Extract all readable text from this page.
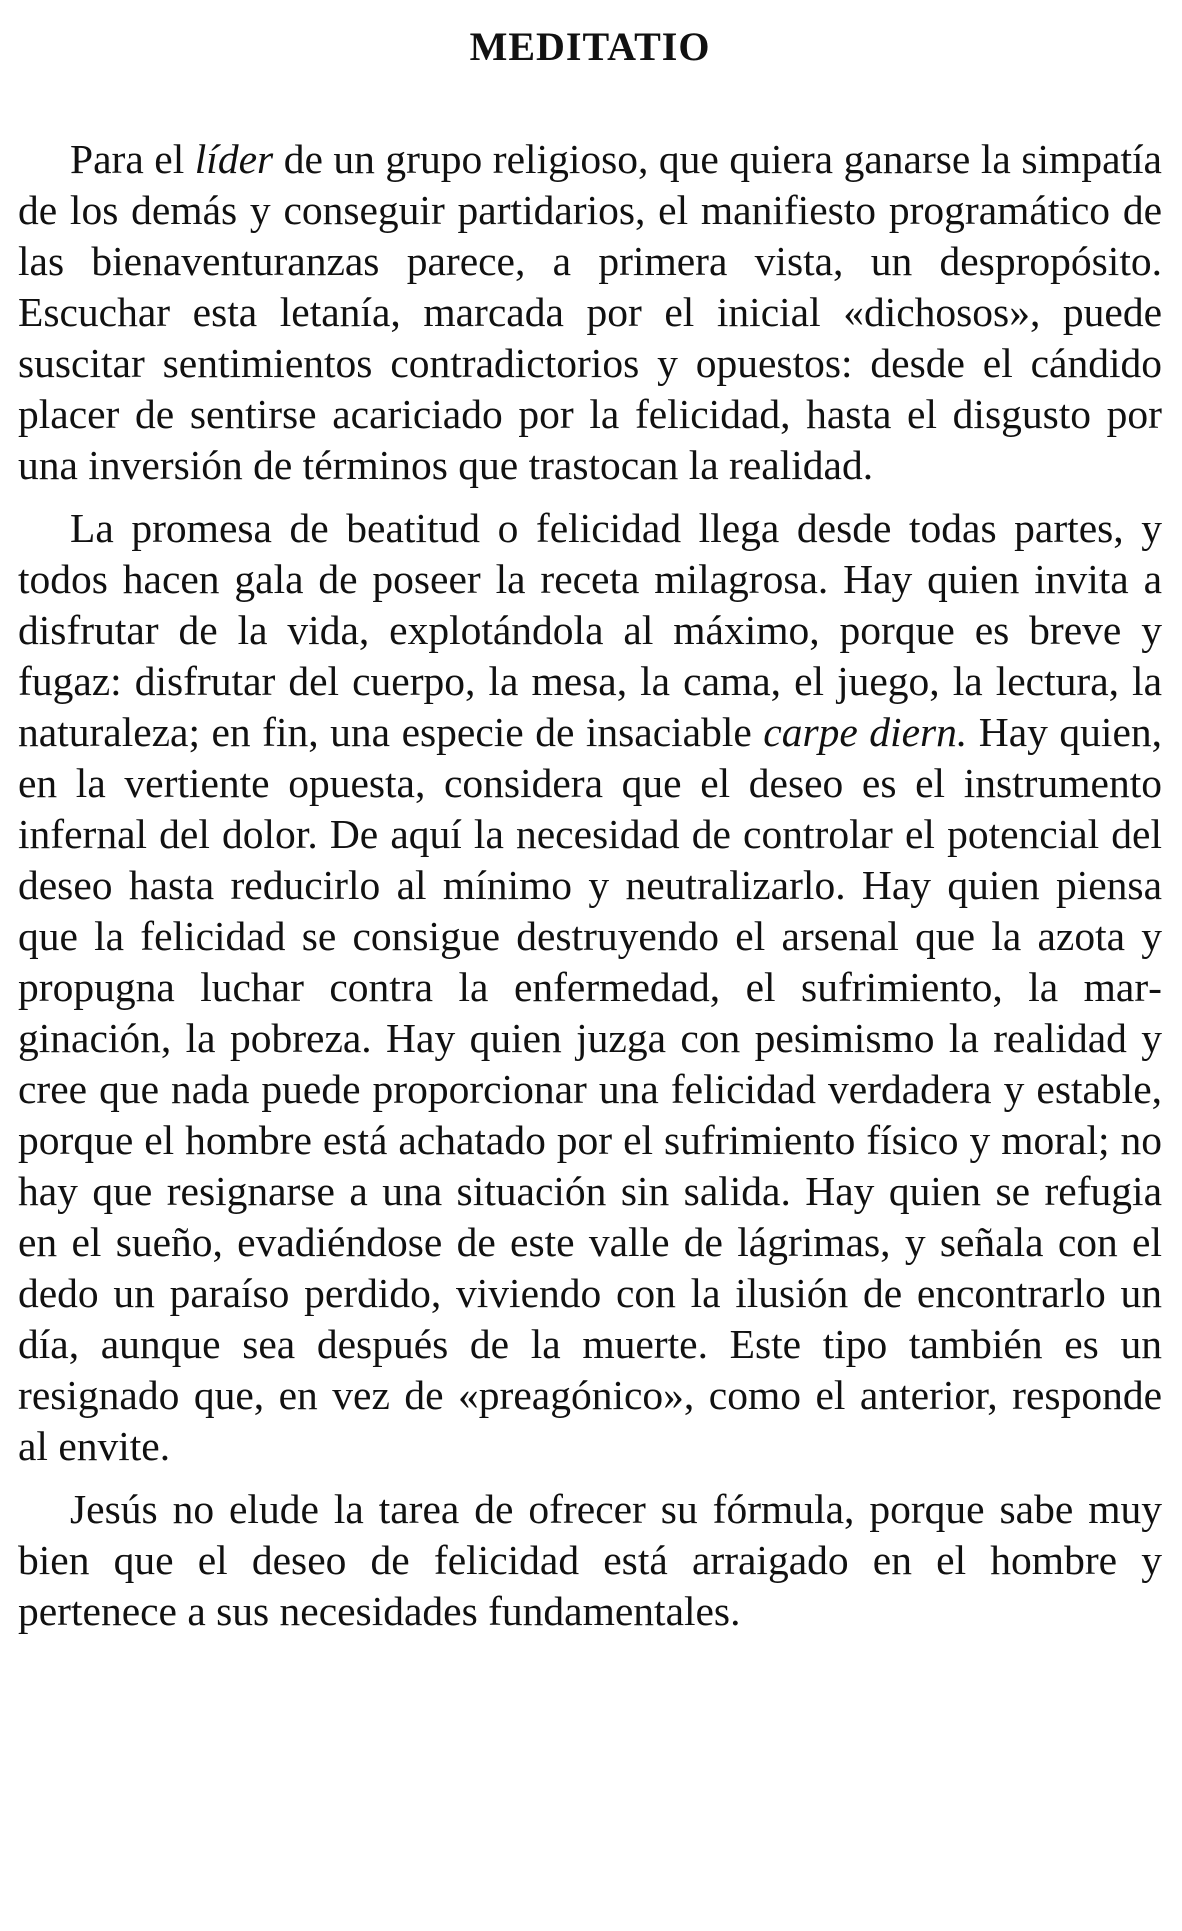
MEDITATIO

Para el líder de un grupo religioso, que quiera ganarse la simpatía de los demás y conseguir partidarios, el manifiesto programático de las bienaventuranzas parece, a primera vista, un despropósito. Escuchar esta letanía, marcada por el inicial «dichosos», puede suscitar sentimientos contradictorios y opuestos: desde el cándido placer de sentirse acariciado por la felicidad, hasta el disgusto por una inversión de términos que trastocan la realidad.

La promesa de beatitud o felicidad llega desde todas partes, y todos hacen gala de poseer la receta milagrosa. Hay quien invita a disfrutar de la vida, explotándola al máximo, porque es breve y fugaz: disfrutar del cuerpo, la mesa, la cama, el juego, la lectura, la naturaleza; en fin, una especie de insaciable carpe diern. Hay quien, en la vertiente opuesta, considera que el deseo es el instrumento infernal del dolor. De aquí la necesidad de controlar el potencial del deseo hasta reducirlo al mínimo y neutralizarlo. Hay quien piensa que la felicidad se consigue destruyendo el arsenal que la azota y propugna luchar contra la enfermedad, el sufrimiento, la marginación, la pobreza. Hay quien juzga con pesimismo la realidad y cree que nada puede proporcionar una felicidad verdadera y estable, porque el hombre está achatado por el sufrimiento físico y moral; no hay que resignarse a una situación sin salida. Hay quien se refugia en el sueño, evadiéndose de este valle de lágrimas, y señala con el dedo un paraíso perdido, viviendo con la ilusión de encontrarlo un día, aunque sea después de la muerte. Este tipo también es un resignado que, en vez de «preagónico», como el anterior, responde al envite.

Jesús no elude la tarea de ofrecer su fórmula, porque sabe muy bien que el deseo de felicidad está arraigado en el hombre y pertenece a sus necesidades fundamentales.
